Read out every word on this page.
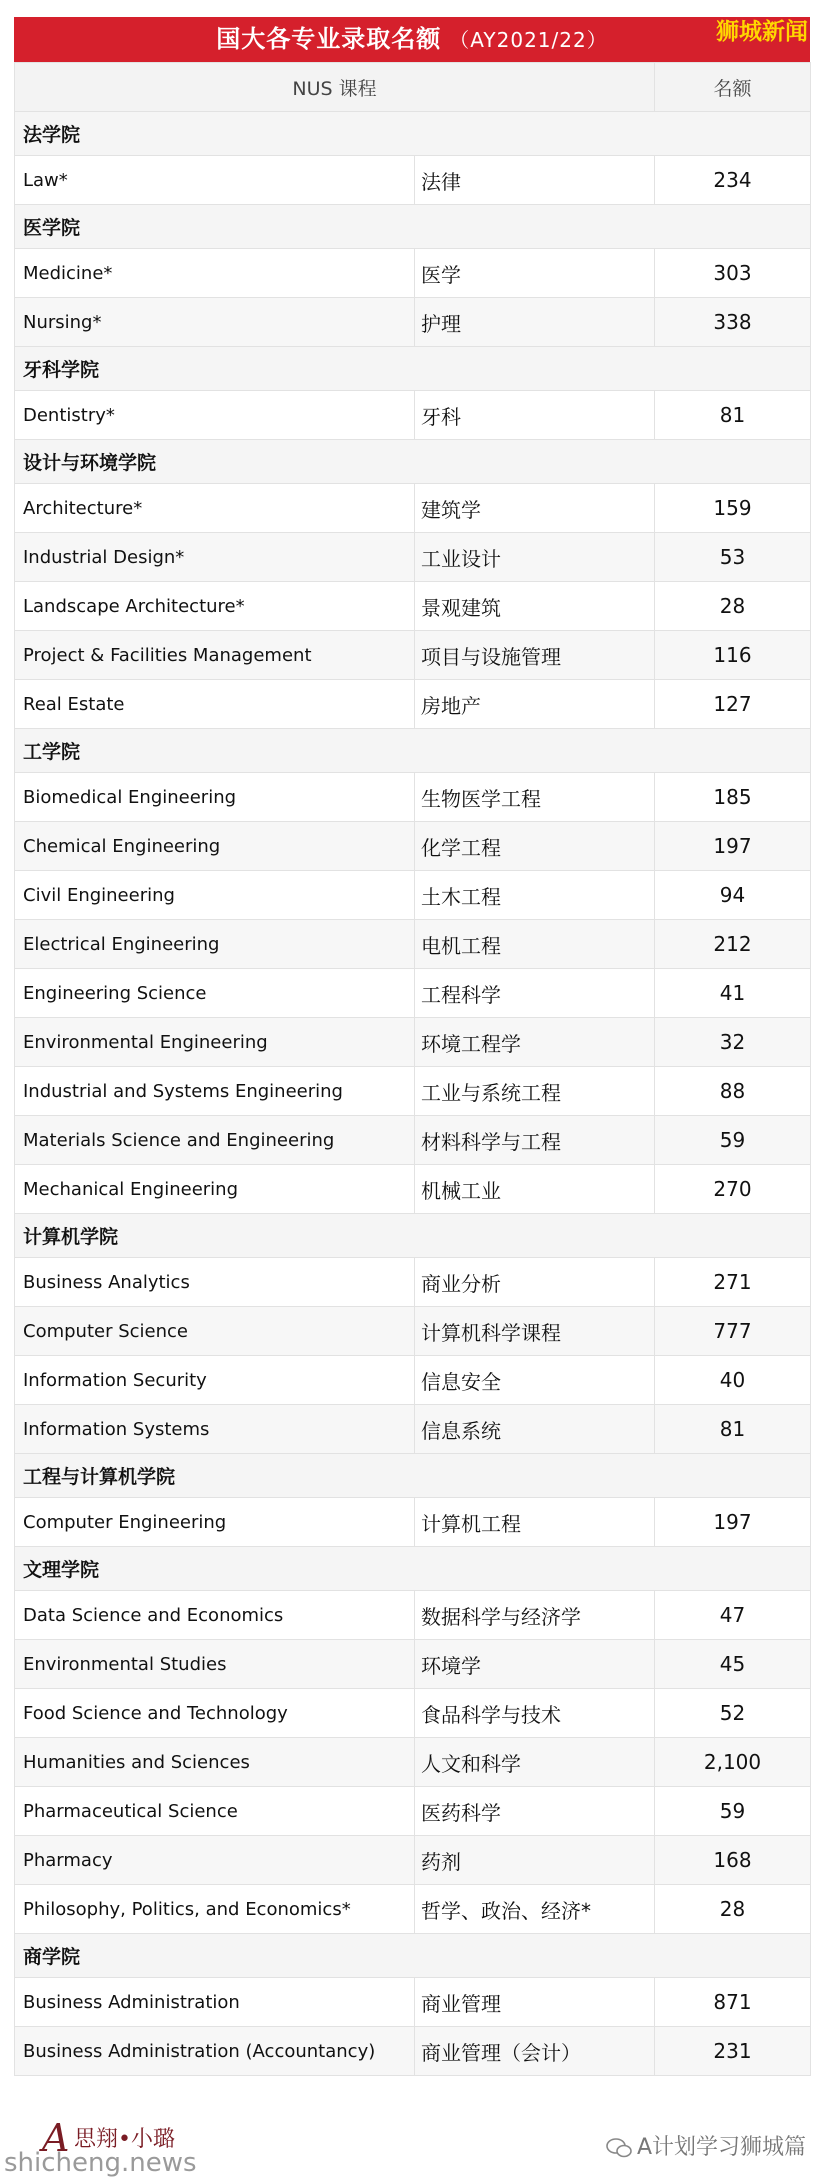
国大各专业录取名额 （AY2021/22）	狮城新闻
NUS 课程		名额
法学院		
Law*	法律	234
医学院		
Medicine*	医学	303
Nursing*	护理	338
牙科学院		
Dentistry*	牙科	81
设计与环境学院		
Architecture*	建筑学	159
Industrial Design*	工业设计	53
Landscape Architecture*	景观建筑	28
Project & Facilities Management	项目与设施管理	116
Real Estate	房地产	127
工学院		
Biomedical Engineering	生物医学工程	185
Chemical Engineering	化学工程	197
Civil Engineering	土木工程	94
Electrical Engineering	电机工程	212
Engineering Science	工程科学	41
Environmental Engineering	环境工程学	32
Industrial and Systems Engineering	工业与系统工程	88
Materials Science and Engineering	材料科学与工程	59
Mechanical Engineering	机械工业	270
计算机学院		
Business Analytics	商业分析	271
Computer Science	计算机科学课程	777
Information Security	信息安全	40
Information Systems	信息系统	81
工程与计算机学院		
Computer Engineering	计算机工程	197
文理学院		
Data Science and Economics	数据科学与经济学	47
Environmental Studies	环境学	45
Food Science and Technology	食品科学与技术	52
Humanities and Sciences	人文和科学	2,100
Pharmaceutical Science	医药科学	59
Pharmacy	药剂	168
Philosophy, Politics, and Economics*	哲学、政治、经济*	28
商学院		
Business Administration	商业管理	871
Business Administration (Accountancy)	商业管理（会计）	231
A 思翔•小璐
shicheng.news
A计划学习狮城篇
